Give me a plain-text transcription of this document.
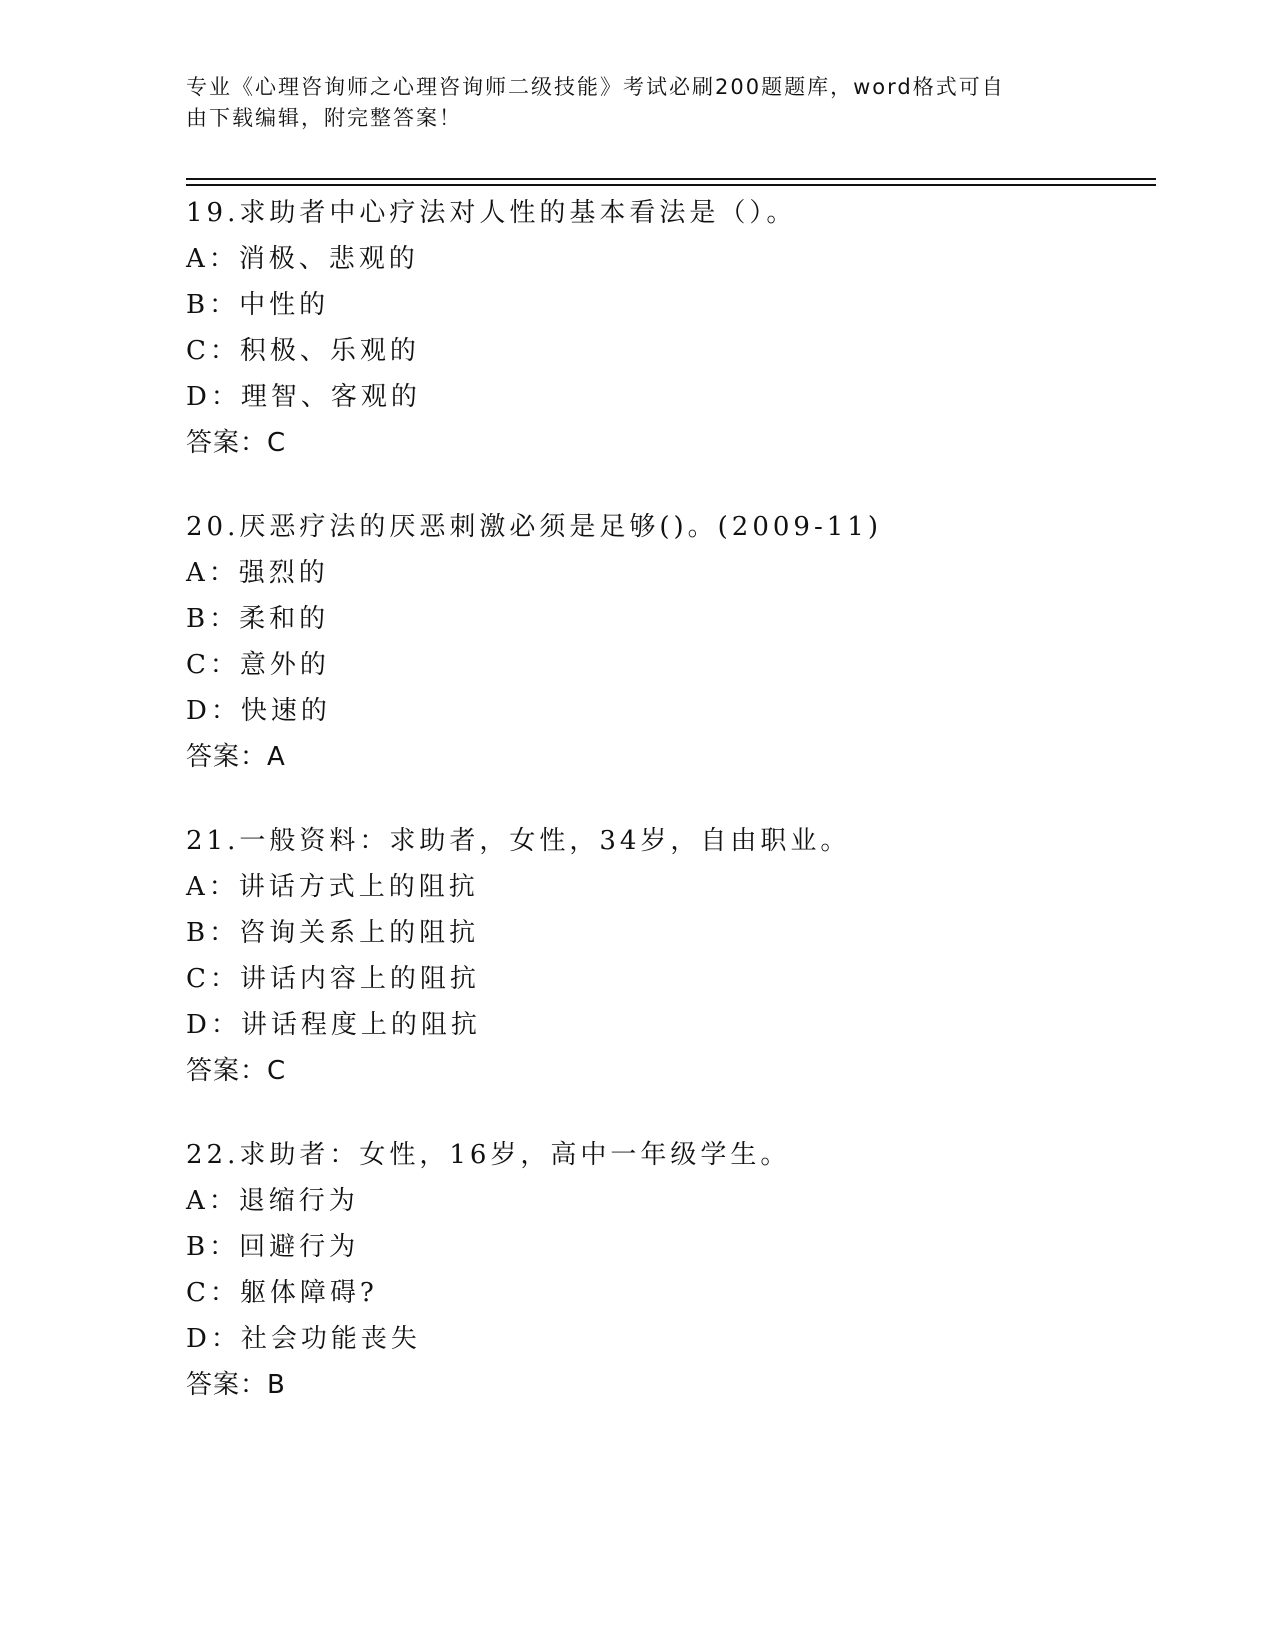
专业《心理咨询师之心理咨询师二级技能》考试必刷200题题库，word格式可自
由下载编辑，附完整答案！
19.求助者中心疗法对人性的基本看法是（）。
A：消极、悲观的
B：中性的
C：积极、乐观的
D：理智、客观的
答案：C
20.厌恶疗法的厌恶刺激必须是足够()。(2009-11)
A：强烈的
B：柔和的
C：意外的
D：快速的
答案：A
21.一般资料：求助者，女性，34岁，自由职业。
A：讲话方式上的阻抗
B：咨询关系上的阻抗
C：讲话内容上的阻抗
D：讲话程度上的阻抗
答案：C
22.求助者：女性，16岁，高中一年级学生。
A：退缩行为
B：回避行为
C：躯体障碍?
D：社会功能丧失
答案：B
